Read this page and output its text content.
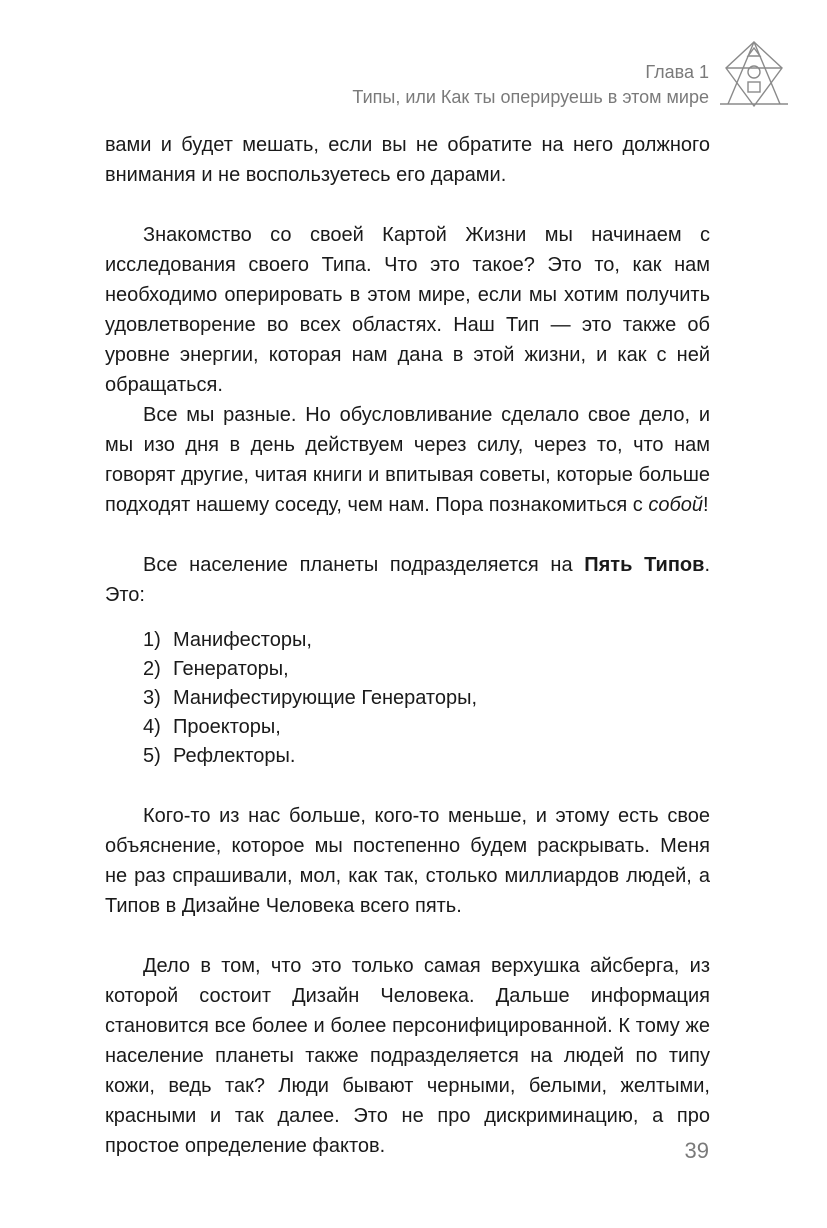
Глава 1
Типы, или Как ты оперируешь в этом мире

вами и будет мешать, если вы не обратите на него должного внимания и не воспользуетесь его дарами.

Знакомство со своей Картой Жизни мы начинаем с исследования своего Типа. Что это такое? Это то, как нам необходимо оперировать в этом мире, если мы хотим получить удовлетворение во всех областях. Наш Тип — это также об уровне энергии, которая нам дана в этой жизни, и как с ней обращаться.

Все мы разные. Но обусловливание сделало свое дело, и мы изо дня в день действуем через силу, через то, что нам говорят другие, читая книги и впитывая советы, которые больше подходят нашему соседу, чем нам. Пора познакомиться с собой!

Все население планеты подразделяется на Пять Типов. Это:

1) Манифесторы,
2) Генераторы,
3) Манифестирующие Генераторы,
4) Проекторы,
5) Рефлекторы.

Кого-то из нас больше, кого-то меньше, и этому есть свое объяснение, которое мы постепенно будем раскрывать. Меня не раз спрашивали, мол, как так, столько миллиардов людей, а Типов в Дизайне Человека всего пять.

Дело в том, что это только самая верхушка айсберга, из которой состоит Дизайн Человека. Дальше информация становится все более и более персонифицированной. К тому же население планеты также подразделяется на людей по типу кожи, ведь так? Люди бывают черными, белыми, желтыми, красными и так далее. Это не про дискриминацию, а про простое определение фактов.	39
